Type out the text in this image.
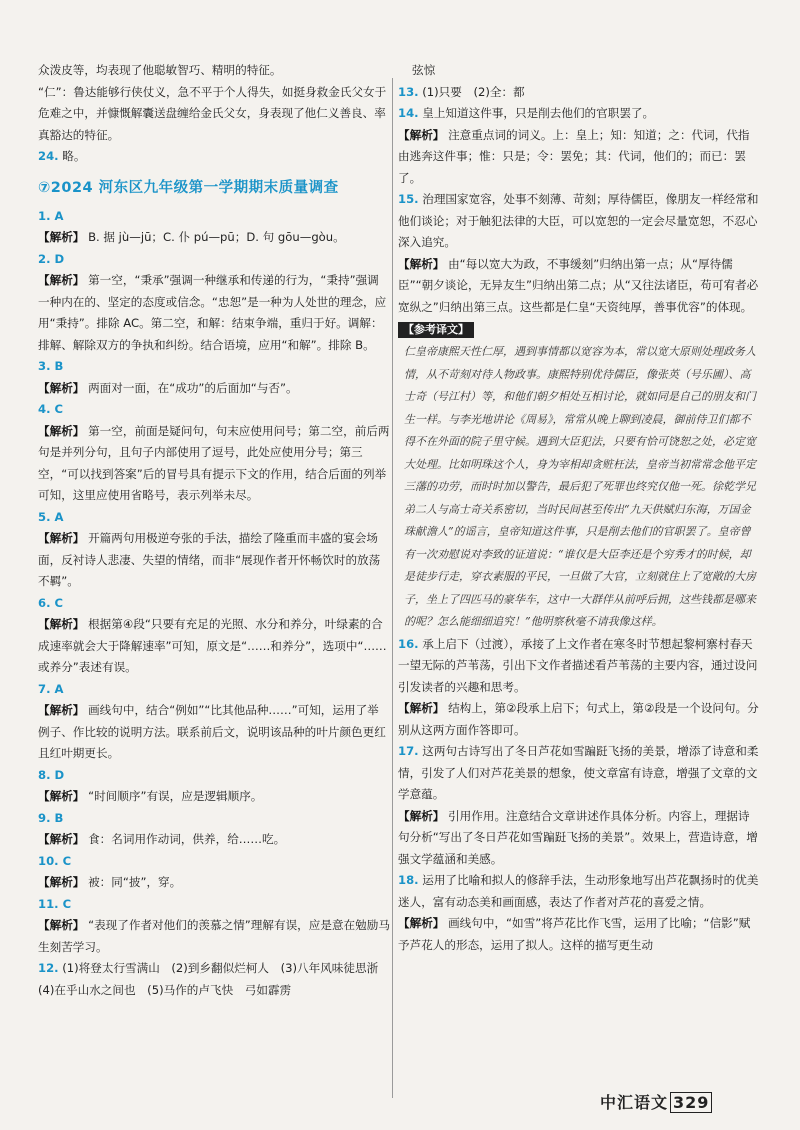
众泼皮等，均表现了他聪敏智巧、精明的特征。

“仁”：鲁达能够行侠仗义，急不平于个人得失，如挺身救金氏父女于危难之中，并慷慨解囊送盘缠给金氏父女，身表现了他仁义善良、率真豁达的特征。

24. 略。

⑦2024 河东区九年级第一学期期末质量调查

1. A

【解析】 B. 据 jù—jū；C. 仆 pú—pū；D. 句 gōu—gòu。

2. D

【解析】 第一空，“秉承”强调一种继承和传递的行为，“秉持”强调一种内在的、坚定的态度或信念。“忠恕”是一种为人处世的理念，应用“秉持”。排除 AC。第二空，和解：结束争端，重归于好。调解：排解、解除双方的争执和纠纷。结合语境，应用“和解”。排除 B。

3. B

【解析】 两面对一面，在“成功”的后面加“与否”。

4. C

【解析】 第一空，前面是疑问句，句末应使用问号；第二空，前后两句是并列分句，且句子内部使用了逗号，此处应使用分号；第三空，“可以找到答案”后的冒号具有提示下文的作用，结合后面的列举可知，这里应使用省略号，表示列举未尽。

5. A

【解析】 开篇两句用极逆夸张的手法，描绘了隆重而丰盛的宴会场面，反衬诗人悲凄、失望的情绪，而非“展现作者开怀畅饮时的放荡不羁”。

6. C

【解析】 根据第④段“只要有充足的光照、水分和养分，叶绿素的合成速率就会大于降解速率”可知，原文是“……和养分”，选项中“……或养分”表述有误。

7. A

【解析】 画线句中，结合“例如”“比其他品种……”可知，运用了举例子、作比较的说明方法。联系前后文，说明该品种的叶片颜色更红且红叶期更长。

8. D

【解析】 “时间顺序”有误，应是逻辑顺序。

9. B

【解析】 食：名词用作动词，供养，给……吃。

10. C

【解析】 被：同“披”，穿。

11. C

【解析】 “表现了作者对他们的羡慕之情”理解有误，应是意在勉励马生刻苦学习。

12. (1)将登太行雪满山　(2)到乡翻似烂柯人　(3)八年风味徒思浙　(4)在乎山水之间也　(5)马作的卢飞快　弓如霹雳

弦惊

13. (1)只要　(2)全：都

14. 皇上知道这件事，只是削去他们的官职罢了。

【解析】 注意重点词的词义。上：皇上；知：知道；之：代词，代指由逃奔这件事；惟：只是；令：罢免；其：代词，他们的；而已：罢了。

15. 治理国家宽容，处事不刻薄、苛刻；厚待儒臣，像朋友一样经常和他们谈论；对于触犯法律的大臣，可以宽恕的一定会尽量宽恕，不忍心深入追究。

【解析】 由“每以宽大为政，不事缓刻”归纳出第一点；从“厚待儒臣”“朝夕谈论，无异友生”归纳出第二点；从“又往法诸臣，苟可宥者必宽纵之”归纳出第三点。这些都是仁皇“天资纯厚，善事优容”的体现。

【参考译文】

仁皇帝康熙天性仁厚，遇到事情都以宽容为本，常以宽大原则处理政务人情，从不苛刻对待人物政事。康熙特别优待儒臣，像张英（号乐圃）、高士奇（号江村）等，和他们朝夕相处互相讨论，就如同是自己的朋友和门生一样。与李光地讲论《周易》，常常从晚上聊到凌晨，御前侍卫们都不得不在外面的院子里守候。遇到大臣犯法，只要有恰可饶恕之处，必定宽大处理。比如明珠这个人，身为宰相却贪赃枉法，皇帝当初常常念他平定三藩的功劳，而时时加以警告，最后犯了死罪也终究仅他一死。徐乾学兄弟二人与高士奇关系密切，当时民间甚至传出“九天供赋归东海，万国金珠献澹人”的谣言，皇帝知道这件事，只是削去他们的官职罢了。皇帝曾有一次劝慰说对李致的证道说：“谁仅是大臣李还是个穷秀才的时候，却是徒步行走，穿衣素服的平民，一旦做了大官，立刻就住上了宽敞的大房子，坐上了四匹马的豪华车，这中一大群伴从前呼后拥，这些钱都是哪来的呢？怎么能细细追究！”他明察秋毫不请我像这样。

16. 承上启下（过渡），承接了上文作者在寒冬时节想起黎柯寨村春天一望无际的芦苇荡，引出下文作者描述看芦苇荡的主要内容，通过设问引发读者的兴趣和思考。

【解析】 结构上，第②段承上启下；句式上，第②段是一个设问句。分别从这两方面作答即可。

17. 这两句古诗写出了冬日芦花如雪蹁跹飞扬的美景，增添了诗意和柔情，引发了人们对芦花美景的想象，使文章富有诗意，增强了文章的文学意蕴。

【解析】 引用作用。注意结合文章讲述作具体分析。内容上，理据诗句分析“写出了冬日芦花如雪蹁跹飞扬的美景”。效果上，营造诗意，增强文学蕴涵和美感。

18. 运用了比喻和拟人的修辞手法，生动形象地写出芦花飘扬时的优美迷人，富有动态美和画面感，表达了作者对芦花的喜爱之情。

【解析】 画线句中，“如雪”将芦花比作飞雪，运用了比喻；“信影”赋予芦花人的形态，运用了拟人。这样的描写更生动

中汇语文 329
